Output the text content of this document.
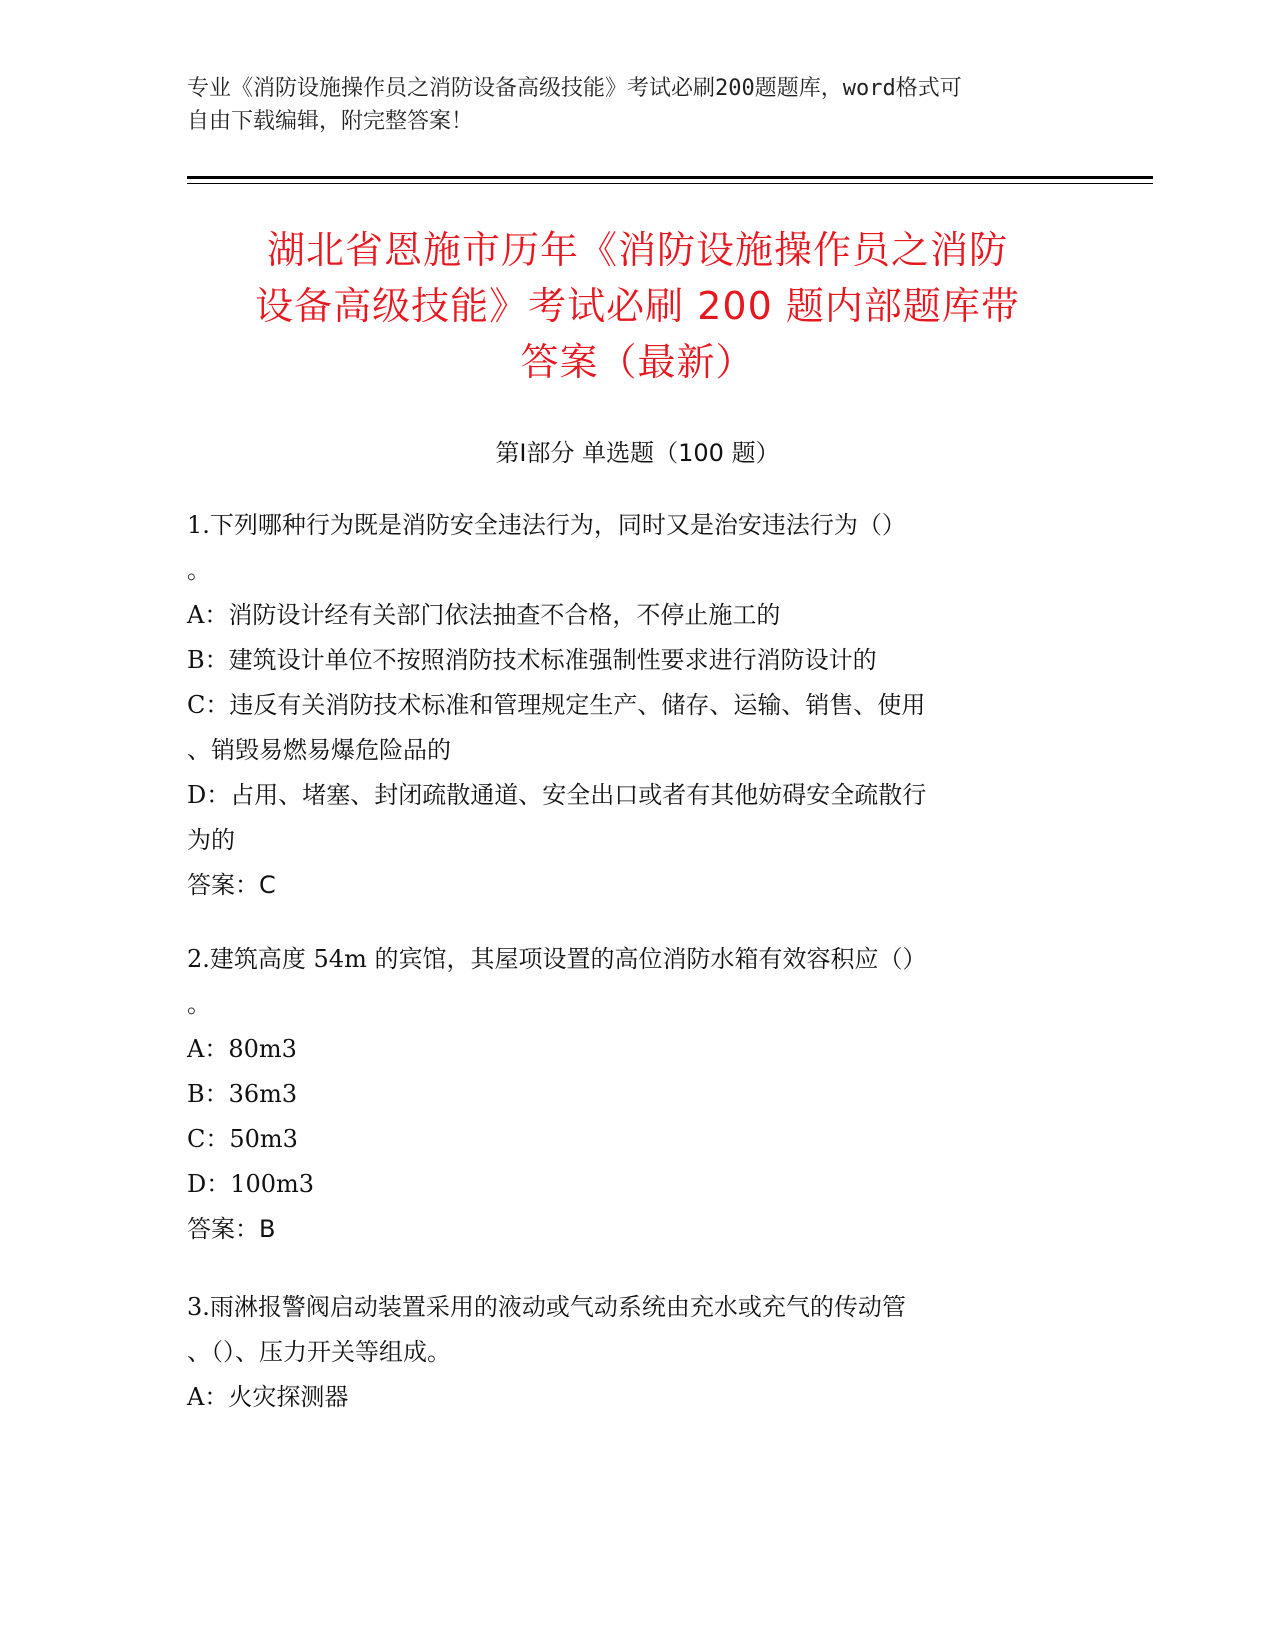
专业《消防设施操作员之消防设备高级技能》考试必刷200题题库，word格式可
自由下载编辑，附完整答案！
湖北省恩施市历年《消防设施操作员之消防
设备高级技能》考试必刷 200 题内部题库带
答案（最新）
第Ⅰ部分 单选题（100 题）
1.下列哪种行为既是消防安全违法行为，同时又是治安违法行为（）
。
A：消防设计经有关部门依法抽查不合格，不停止施工的
B：建筑设计单位不按照消防技术标准强制性要求进行消防设计的
C：违反有关消防技术标准和管理规定生产、储存、运输、销售、使用
、销毁易燃易爆危险品的
D：占用、堵塞、封闭疏散通道、安全出口或者有其他妨碍安全疏散行
为的
答案：C
2.建筑高度 54m 的宾馆，其屋项设置的高位消防水箱有效容积应（）
。
A：80m3
B：36m3
C：50m3
D：100m3
答案：B
3.雨淋报警阀启动装置采用的液动或气动系统由充水或充气的传动管
、（）、压力开关等组成。
A：火灾探测器
